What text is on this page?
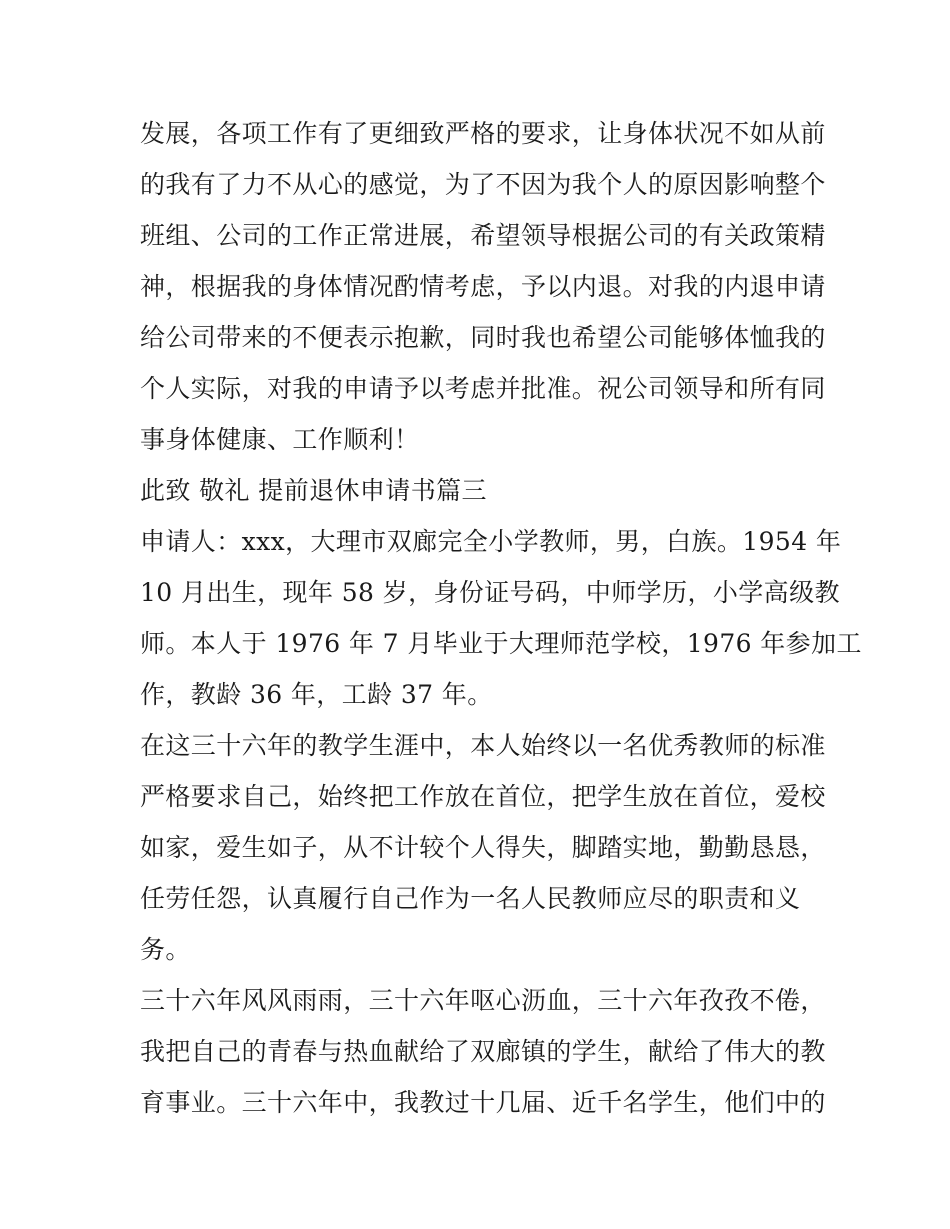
发展，各项工作有了更细致严格的要求，让身体状况不如从前
的我有了力不从心的感觉，为了不因为我个人的原因影响整个
班组、公司的工作正常进展，希望领导根据公司的有关政策精
神，根据我的身体情况酌情考虑，予以内退。对我的内退申请
给公司带来的不便表示抱歉，同时我也希望公司能够体恤我的
个人实际，对我的申请予以考虑并批准。祝公司领导和所有同
事身体健康、工作顺利！
此致 敬礼 提前退休申请书篇三
申请人：xxx，大理市双廊完全小学教师，男，白族。1954 年
10 月出生，现年 58 岁，身份证号码，中师学历，小学高级教
师。本人于 1976 年 7 月毕业于大理师范学校，1976 年参加工
作，教龄 36 年，工龄 37 年。
在这三十六年的教学生涯中，本人始终以一名优秀教师的标准
严格要求自己，始终把工作放在首位，把学生放在首位，爱校
如家，爱生如子，从不计较个人得失，脚踏实地，勤勤恳恳，
任劳任怨，认真履行自己作为一名人民教师应尽的职责和义
务。
三十六年风风雨雨，三十六年呕心沥血，三十六年孜孜不倦，
我把自己的青春与热血献给了双廊镇的学生，献给了伟大的教
育事业。三十六年中，我教过十几届、近千名学生，他们中的
